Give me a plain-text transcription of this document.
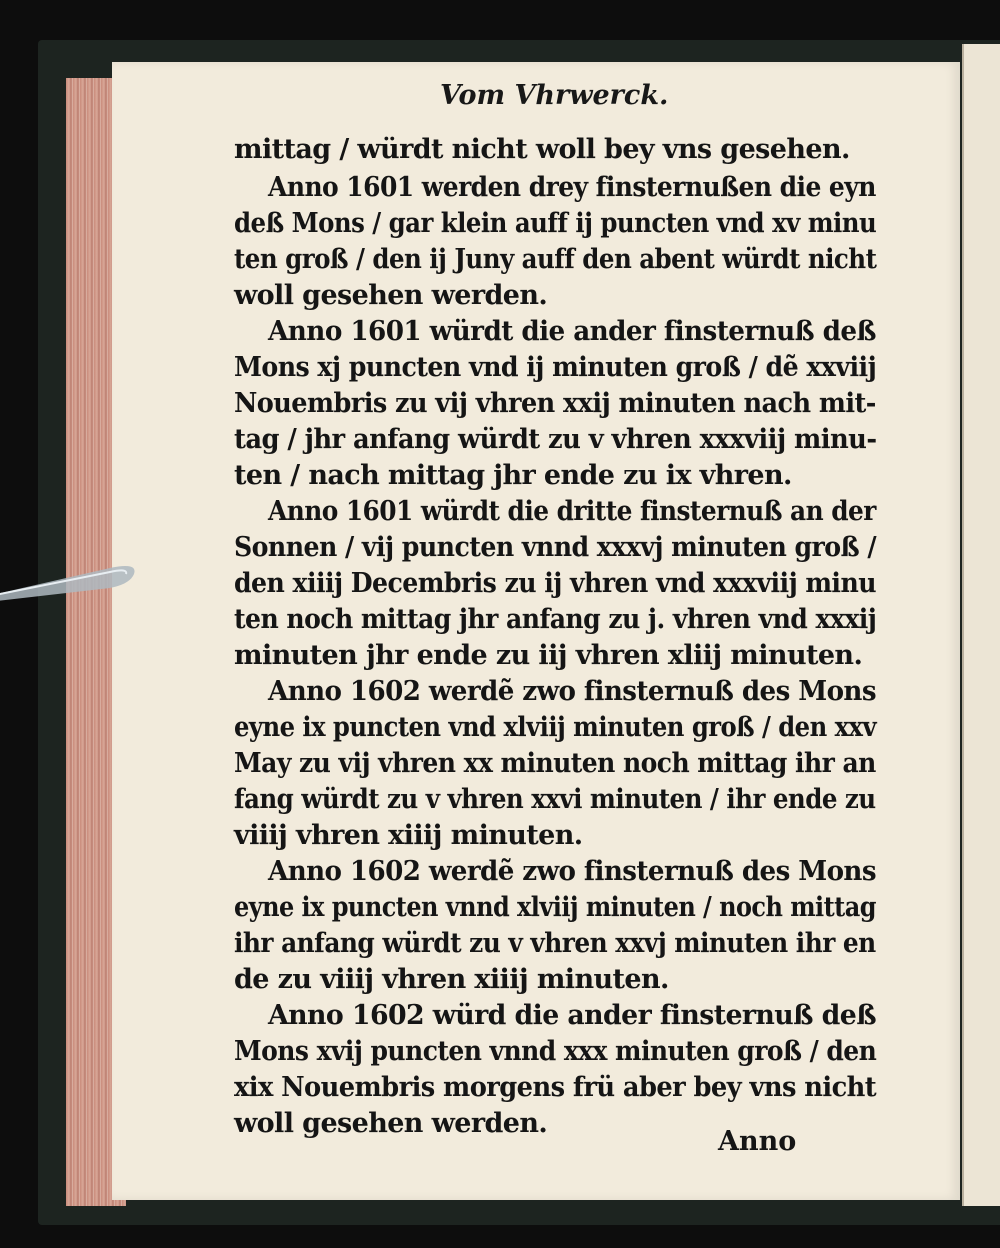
Vom Vhrwerck.
mittag / würdt nicht woll bey vns gesehen.
Anno 1601 werden drey finsternußen die eyn
deß Mons / gar klein auff ij puncten vnd xv minu
ten groß / den ij Juny auff den abent würdt nicht
woll gesehen werden.
Anno 1601 würdt die ander finsternuß deß
Mons xj puncten vnd ij minuten groß / dẽ xxviij
Nouembris zu vij vhren xxij minuten nach mit-
tag / jhr anfang würdt zu v vhren xxxviij minu-
ten / nach mittag jhr ende zu ix vhren.
Anno 1601 würdt die dritte finsternuß an der
Sonnen / vij puncten vnnd xxxvj minuten groß /
den xiiij Decembris zu ij vhren vnd xxxviij minu
ten noch mittag jhr anfang zu j. vhren vnd xxxij
minuten jhr ende zu iij vhren xliij minuten.
Anno 1602 werdẽ zwo finsternuß des Mons
eyne ix puncten vnd xlviij minuten groß / den xxv
May zu vij vhren xx minuten noch mittag ihr an
fang würdt zu v vhren xxvi minuten / ihr ende zu
viiij vhren xiiij minuten.
Anno 1602 werdẽ zwo finsternuß des Mons
eyne ix puncten vnnd xlviij minuten / noch mittag
ihr anfang würdt zu v vhren xxvj minuten ihr en
de zu viiij vhren xiiij minuten.
Anno 1602 würd die ander finsternuß deß
Mons xvij puncten vnnd xxx minuten groß / den
xix Nouembris morgens frü aber bey vns nicht
woll gesehen werden.
Anno
